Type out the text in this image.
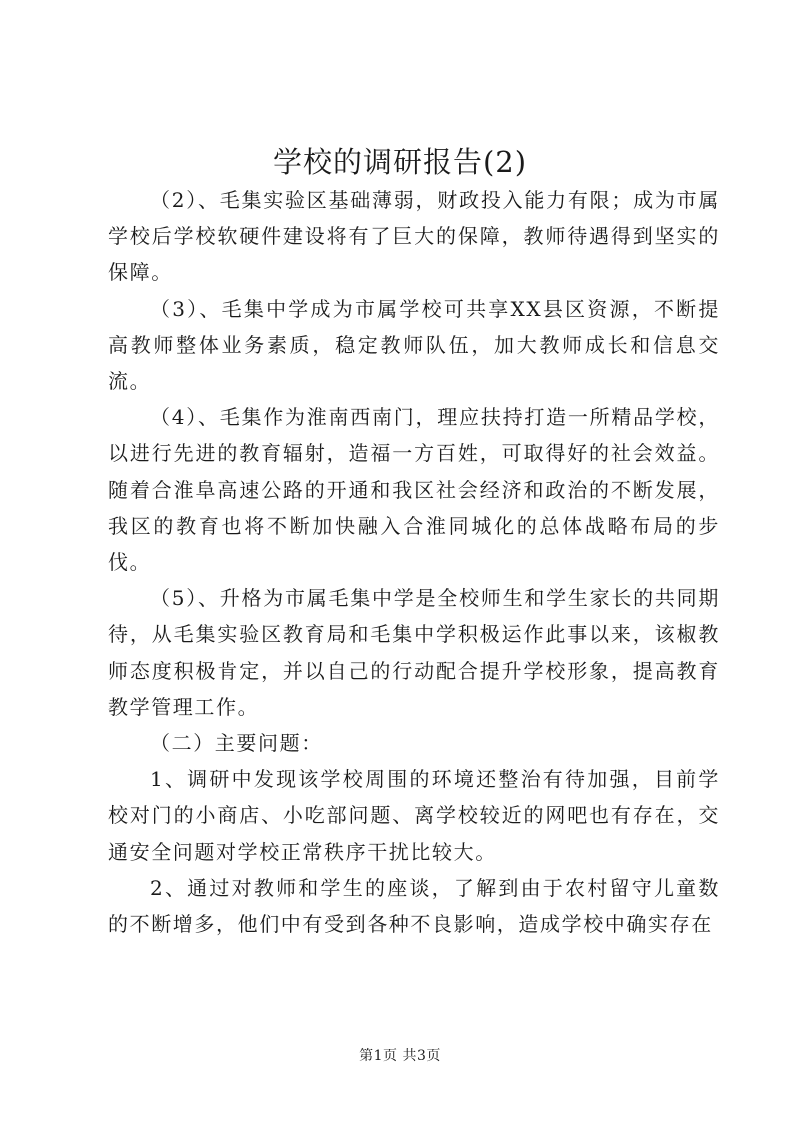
学校的调研报告(2)

（2）、毛集实验区基础薄弱，财政投入能力有限；成为市属学校后学校软硬件建设将有了巨大的保障，教师待遇得到坚实的保障。

（3）、毛集中学成为市属学校可共享XX县区资源，不断提高教师整体业务素质，稳定教师队伍，加大教师成长和信息交流。

（4）、毛集作为淮南西南门，理应扶持打造一所精品学校，以进行先进的教育辐射，造福一方百姓，可取得好的社会效益。随着合淮阜高速公路的开通和我区社会经济和政治的不断发展，我区的教育也将不断加快融入合淮同城化的总体战略布局的步伐。

（5）、升格为市属毛集中学是全校师生和学生家长的共同期待，从毛集实验区教育局和毛集中学积极运作此事以来，该椒教师态度积极肯定，并以自己的行动配合提升学校形象，提高教育教学管理工作。

（二）主要问题：

1、调研中发现该学校周围的环境还整治有待加强，目前学校对门的小商店、小吃部问题、离学校较近的网吧也有存在，交通安全问题对学校正常秩序干扰比较大。

2、通过对教师和学生的座谈，了解到由于农村留守儿童数的不断增多，他们中有受到各种不良影响，造成学校中确实存在

第1页 共3页
